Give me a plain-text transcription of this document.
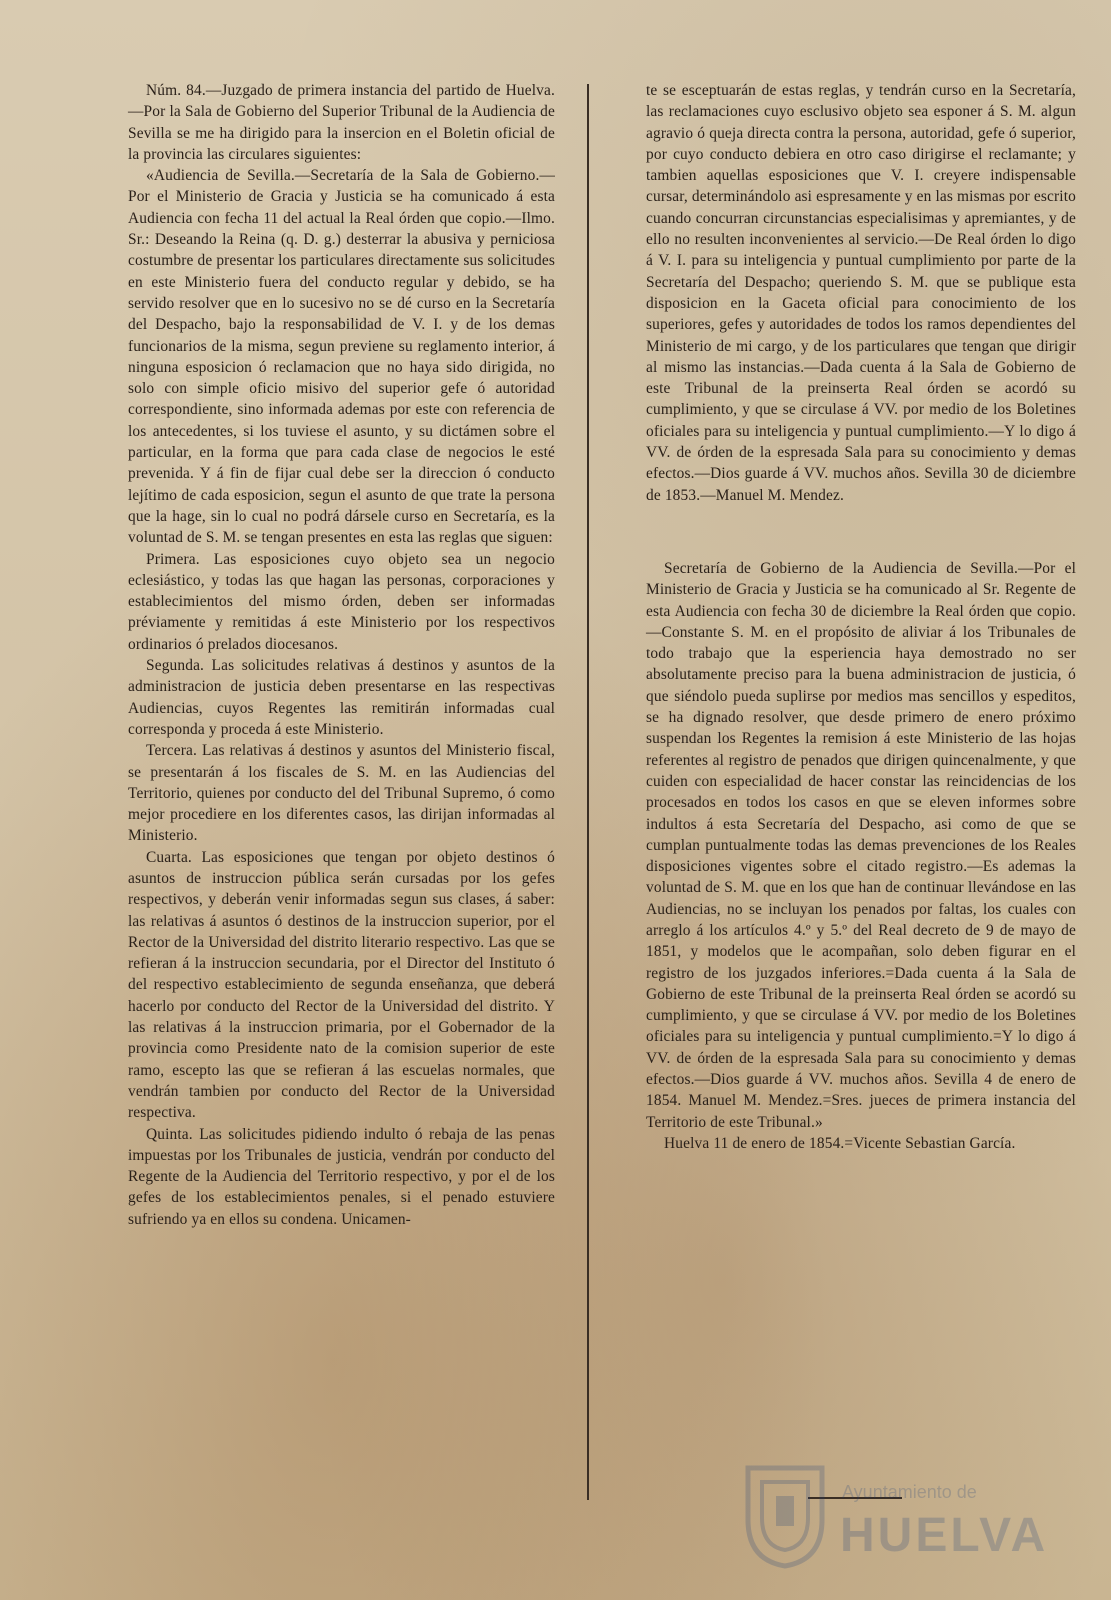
Núm. 84.—Juzgado de primera instancia del partido de Huelva.—Por la Sala de Gobierno del Superior Tribunal de la Audiencia de Sevilla se me ha dirigido para la insercion en el Boletin oficial de la provincia las circulares siguientes:

«Audiencia de Sevilla.—Secretaría de la Sala de Gobierno.—Por el Ministerio de Gracia y Justicia se ha comunicado á esta Audiencia con fecha 11 del actual la Real órden que copio.—Ilmo. Sr.: Deseando la Reina (q. D. g.) desterrar la abusiva y perniciosa costumbre de presentar los particulares directamente sus solicitudes en este Ministerio fuera del conducto regular y debido, se ha servido resolver que en lo sucesivo no se dé curso en la Secretaría del Despacho, bajo la responsabilidad de V. I. y de los demas funcionarios de la misma, segun previene su reglamento interior, á ninguna esposicion ó reclamacion que no haya sido dirigida, no solo con simple oficio misivo del superior gefe ó autoridad correspondiente, sino informada ademas por este con referencia de los antecedentes, si los tuviese el asunto, y su dictámen sobre el particular, en la forma que para cada clase de negocios le esté prevenida. Y á fin de fijar cual debe ser la direccion ó conducto lejítimo de cada esposicion, segun el asunto de que trate la persona que la hage, sin lo cual no podrá dársele curso en Secretaría, es la voluntad de S. M. se tengan presentes en esta las reglas que siguen:

Primera. Las esposiciones cuyo objeto sea un negocio eclesiástico, y todas las que hagan las personas, corporaciones y establecimientos del mismo órden, deben ser informadas préviamente y remitidas á este Ministerio por los respectivos ordinarios ó prelados diocesanos.

Segunda. Las solicitudes relativas á destinos y asuntos de la administracion de justicia deben presentarse en las respectivas Audiencias, cuyos Regentes las remitirán informadas cual corresponda y proceda á este Ministerio.

Tercera. Las relativas á destinos y asuntos del Ministerio fiscal, se presentarán á los fiscales de S. M. en las Audiencias del Territorio, quienes por conducto del del Tribunal Supremo, ó como mejor procediere en los diferentes casos, las dirijan informadas al Ministerio.

Cuarta. Las esposiciones que tengan por objeto destinos ó asuntos de instruccion pública serán cursadas por los gefes respectivos, y deberán venir informadas segun sus clases, á saber: las relativas á asuntos ó destinos de la instruccion superior, por el Rector de la Universidad del distrito literario respectivo. Las que se refieran á la instruccion secundaria, por el Director del Instituto ó del respectivo establecimiento de segunda enseñanza, que deberá hacerlo por conducto del Rector de la Universidad del distrito. Y las relativas á la instruccion primaria, por el Gobernador de la provincia como Presidente nato de la comision superior de este ramo, escepto las que se refieran á las escuelas normales, que vendrán tambien por conducto del Rector de la Universidad respectiva.

Quinta. Las solicitudes pidiendo indulto ó rebaja de las penas impuestas por los Tribunales de justicia, vendrán por conducto del Regente de la Audiencia del Territorio respectivo, y por el de los gefes de los establecimientos penales, si el penado estuviere sufriendo ya en ellos su condena. Unicamen-

te se esceptuarán de estas reglas, y tendrán curso en la Secretaría, las reclamaciones cuyo esclusivo objeto sea esponer á S. M. algun agravio ó queja directa contra la persona, autoridad, gefe ó superior, por cuyo conducto debiera en otro caso dirigirse el reclamante; y tambien aquellas esposiciones que V. I. creyere indispensable cursar, determinándolo asi espresamente y en las mismas por escrito cuando concurran circunstancias especialisimas y apremiantes, y de ello no resulten inconvenientes al servicio.—De Real órden lo digo á V. I. para su inteligencia y puntual cumplimiento por parte de la Secretaría del Despacho; queriendo S. M. que se publique esta disposicion en la Gaceta oficial para conocimiento de los superiores, gefes y autoridades de todos los ramos dependientes del Ministerio de mi cargo, y de los particulares que tengan que dirigir al mismo las instancias.—Dada cuenta á la Sala de Gobierno de este Tribunal de la preinserta Real órden se acordó su cumplimiento, y que se circulase á VV. por medio de los Boletines oficiales para su inteligencia y puntual cumplimiento.—Y lo digo á VV. de órden de la espresada Sala para su conocimiento y demas efectos.—Dios guarde á VV. muchos años. Sevilla 30 de diciembre de 1853.—Manuel M. Mendez.

Secretaría de Gobierno de la Audiencia de Sevilla.—Por el Ministerio de Gracia y Justicia se ha comunicado al Sr. Regente de esta Audiencia con fecha 30 de diciembre la Real órden que copio.—Constante S. M. en el propósito de aliviar á los Tribunales de todo trabajo que la esperiencia haya demostrado no ser absolutamente preciso para la buena administracion de justicia, ó que siéndolo pueda suplirse por medios mas sencillos y espeditos, se ha dignado resolver, que desde primero de enero próximo suspendan los Regentes la remision á este Ministerio de las hojas referentes al registro de penados que dirigen quincenalmente, y que cuiden con especialidad de hacer constar las reincidencias de los procesados en todos los casos en que se eleven informes sobre indultos á esta Secretaría del Despacho, asi como de que se cumplan puntualmente todas las demas prevenciones de los Reales disposiciones vigentes sobre el citado registro.—Es ademas la voluntad de S. M. que en los que han de continuar llevándose en las Audiencias, no se incluyan los penados por faltas, los cuales con arreglo á los artículos 4.º y 5.º del Real decreto de 9 de mayo de 1851, y modelos que le acompañan, solo deben figurar en el registro de los juzgados inferiores.=Dada cuenta á la Sala de Gobierno de este Tribunal de la preinserta Real órden se acordó su cumplimiento, y que se circulase á VV. por medio de los Boletines oficiales para su inteligencia y puntual cumplimiento.=Y lo digo á VV. de órden de la espresada Sala para su conocimiento y demas efectos.—Dios guarde á VV. muchos años. Sevilla 4 de enero de 1854. Manuel M. Mendez.=Sres. jueces de primera instancia del Territorio de este Tribunal.»

Huelva 11 de enero de 1854.=Vicente Sebastian García.

Ayuntamiento de
HUELVA
